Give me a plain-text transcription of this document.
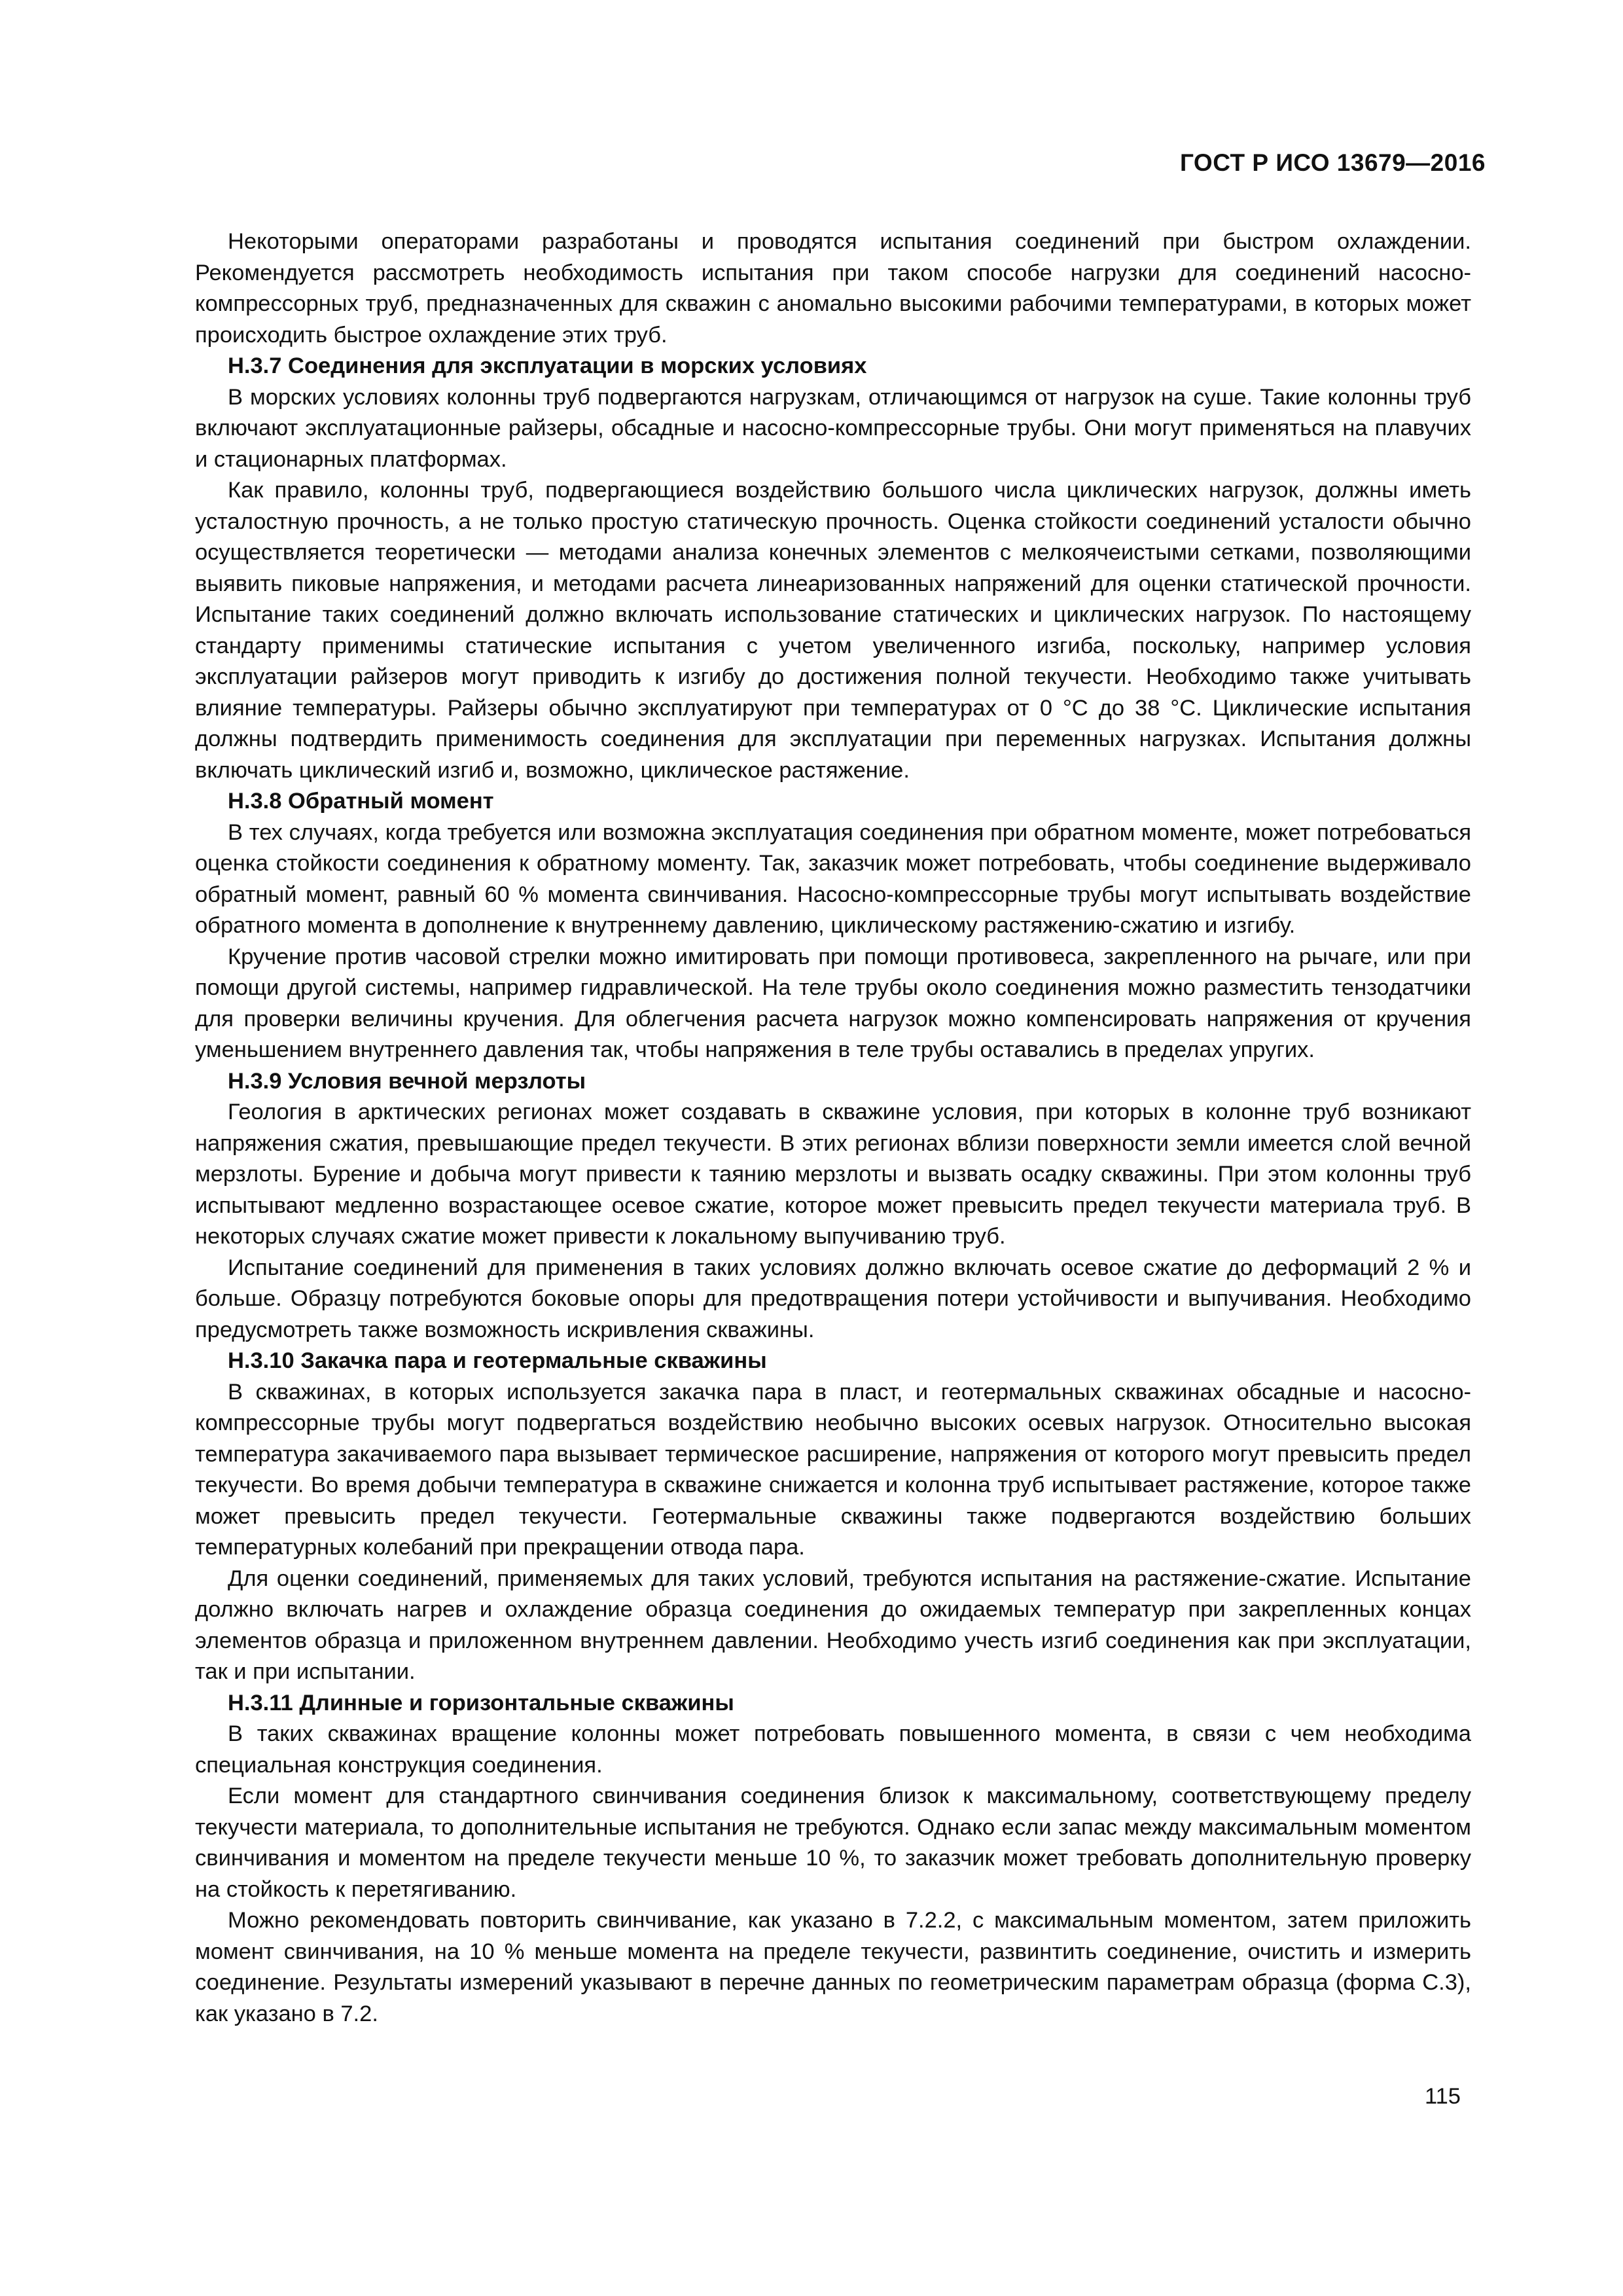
ГОСТ Р ИСО 13679—2016

Некоторыми операторами разработаны и проводятся испытания соединений при быстром охлаждении. Рекомендуется рассмотреть необходимость испытания при таком способе нагрузки для соединений насосно-компрессорных труб, предназначенных для скважин с аномально высокими рабочими температурами, в которых может происходить быстрое охлаждение этих труб.

H.3.7 Соединения для эксплуатации в морских условиях

В морских условиях колонны труб подвергаются нагрузкам, отличающимся от нагрузок на суше. Такие колонны труб включают эксплуатационные райзеры, обсадные и насосно-компрессорные трубы. Они могут применяться на плавучих и стационарных платформах.

Как правило, колонны труб, подвергающиеся воздействию большого числа циклических нагрузок, должны иметь усталостную прочность, а не только простую статическую прочность. Оценка стойкости соединений усталости обычно осуществляется теоретически — методами анализа конечных элементов с мелкоячеистыми сетками, позволяющими выявить пиковые напряжения, и методами расчета линеаризованных напряжений для оценки статической прочности. Испытание таких соединений должно включать использование статических и циклических нагрузок. По настоящему стандарту применимы статические испытания с учетом увеличенного изгиба, поскольку, например условия эксплуатации райзеров могут приводить к изгибу до достижения полной текучести. Необходимо также учитывать влияние температуры. Райзеры обычно эксплуатируют при температурах от 0 °С до 38 °С. Циклические испытания должны подтвердить применимость соединения для эксплуатации при переменных нагрузках. Испытания должны включать циклический изгиб и, возможно, циклическое растяжение.

H.3.8 Обратный момент

В тех случаях, когда требуется или возможна эксплуатация соединения при обратном моменте, может потребоваться оценка стойкости соединения к обратному моменту. Так, заказчик может потребовать, чтобы соединение выдерживало обратный момент, равный 60 % момента свинчивания. Насосно-компрессорные трубы могут испытывать воздействие обратного момента в дополнение к внутреннему давлению, циклическому растяжению-сжатию и изгибу.

Кручение против часовой стрелки можно имитировать при помощи противовеса, закрепленного на рычаге, или при помощи другой системы, например гидравлической. На теле трубы около соединения можно разместить тензодатчики для проверки величины кручения. Для облегчения расчета нагрузок можно компенсировать напряжения от кручения уменьшением внутреннего давления так, чтобы напряжения в теле трубы оставались в пределах упругих.

H.3.9 Условия вечной мерзлоты

Геология в арктических регионах может создавать в скважине условия, при которых в колонне труб возникают напряжения сжатия, превышающие предел текучести. В этих регионах вблизи поверхности земли имеется слой вечной мерзлоты. Бурение и добыча могут привести к таянию мерзлоты и вызвать осадку скважины. При этом колонны труб испытывают медленно возрастающее осевое сжатие, которое может превысить предел текучести материала труб. В некоторых случаях сжатие может привести к локальному выпучиванию труб.

Испытание соединений для применения в таких условиях должно включать осевое сжатие до деформаций 2 % и больше. Образцу потребуются боковые опоры для предотвращения потери устойчивости и выпучивания. Необходимо предусмотреть также возможность искривления скважины.

H.3.10 Закачка пара и геотермальные скважины

В скважинах, в которых используется закачка пара в пласт, и геотермальных скважинах обсадные и насосно-компрессорные трубы могут подвергаться воздействию необычно высоких осевых нагрузок. Относительно высокая температура закачиваемого пара вызывает термическое расширение, напряжения от которого могут превысить предел текучести. Во время добычи температура в скважине снижается и колонна труб испытывает растяжение, которое также может превысить предел текучести. Геотермальные скважины также подвергаются воздействию больших температурных колебаний при прекращении отвода пара.

Для оценки соединений, применяемых для таких условий, требуются испытания на растяжение-сжатие. Испытание должно включать нагрев и охлаждение образца соединения до ожидаемых температур при закрепленных концах элементов образца и приложенном внутреннем давлении. Необходимо учесть изгиб соединения как при эксплуатации, так и при испытании.

H.3.11 Длинные и горизонтальные скважины

В таких скважинах вращение колонны может потребовать повышенного момента, в связи с чем необходима специальная конструкция соединения.

Если момент для стандартного свинчивания соединения близок к максимальному, соответствующему пределу текучести материала, то дополнительные испытания не требуются. Однако если запас между максимальным моментом свинчивания и моментом на пределе текучести меньше 10 %, то заказчик может требовать дополнительную проверку на стойкость к перетягиванию.

Можно рекомендовать повторить свинчивание, как указано в 7.2.2, с максимальным моментом, затем приложить момент свинчивания, на 10 % меньше момента на пределе текучести, развинтить соединение, очистить и измерить соединение. Результаты измерений указывают в перечне данных по геометрическим параметрам образца (форма С.3), как указано в 7.2.

115
